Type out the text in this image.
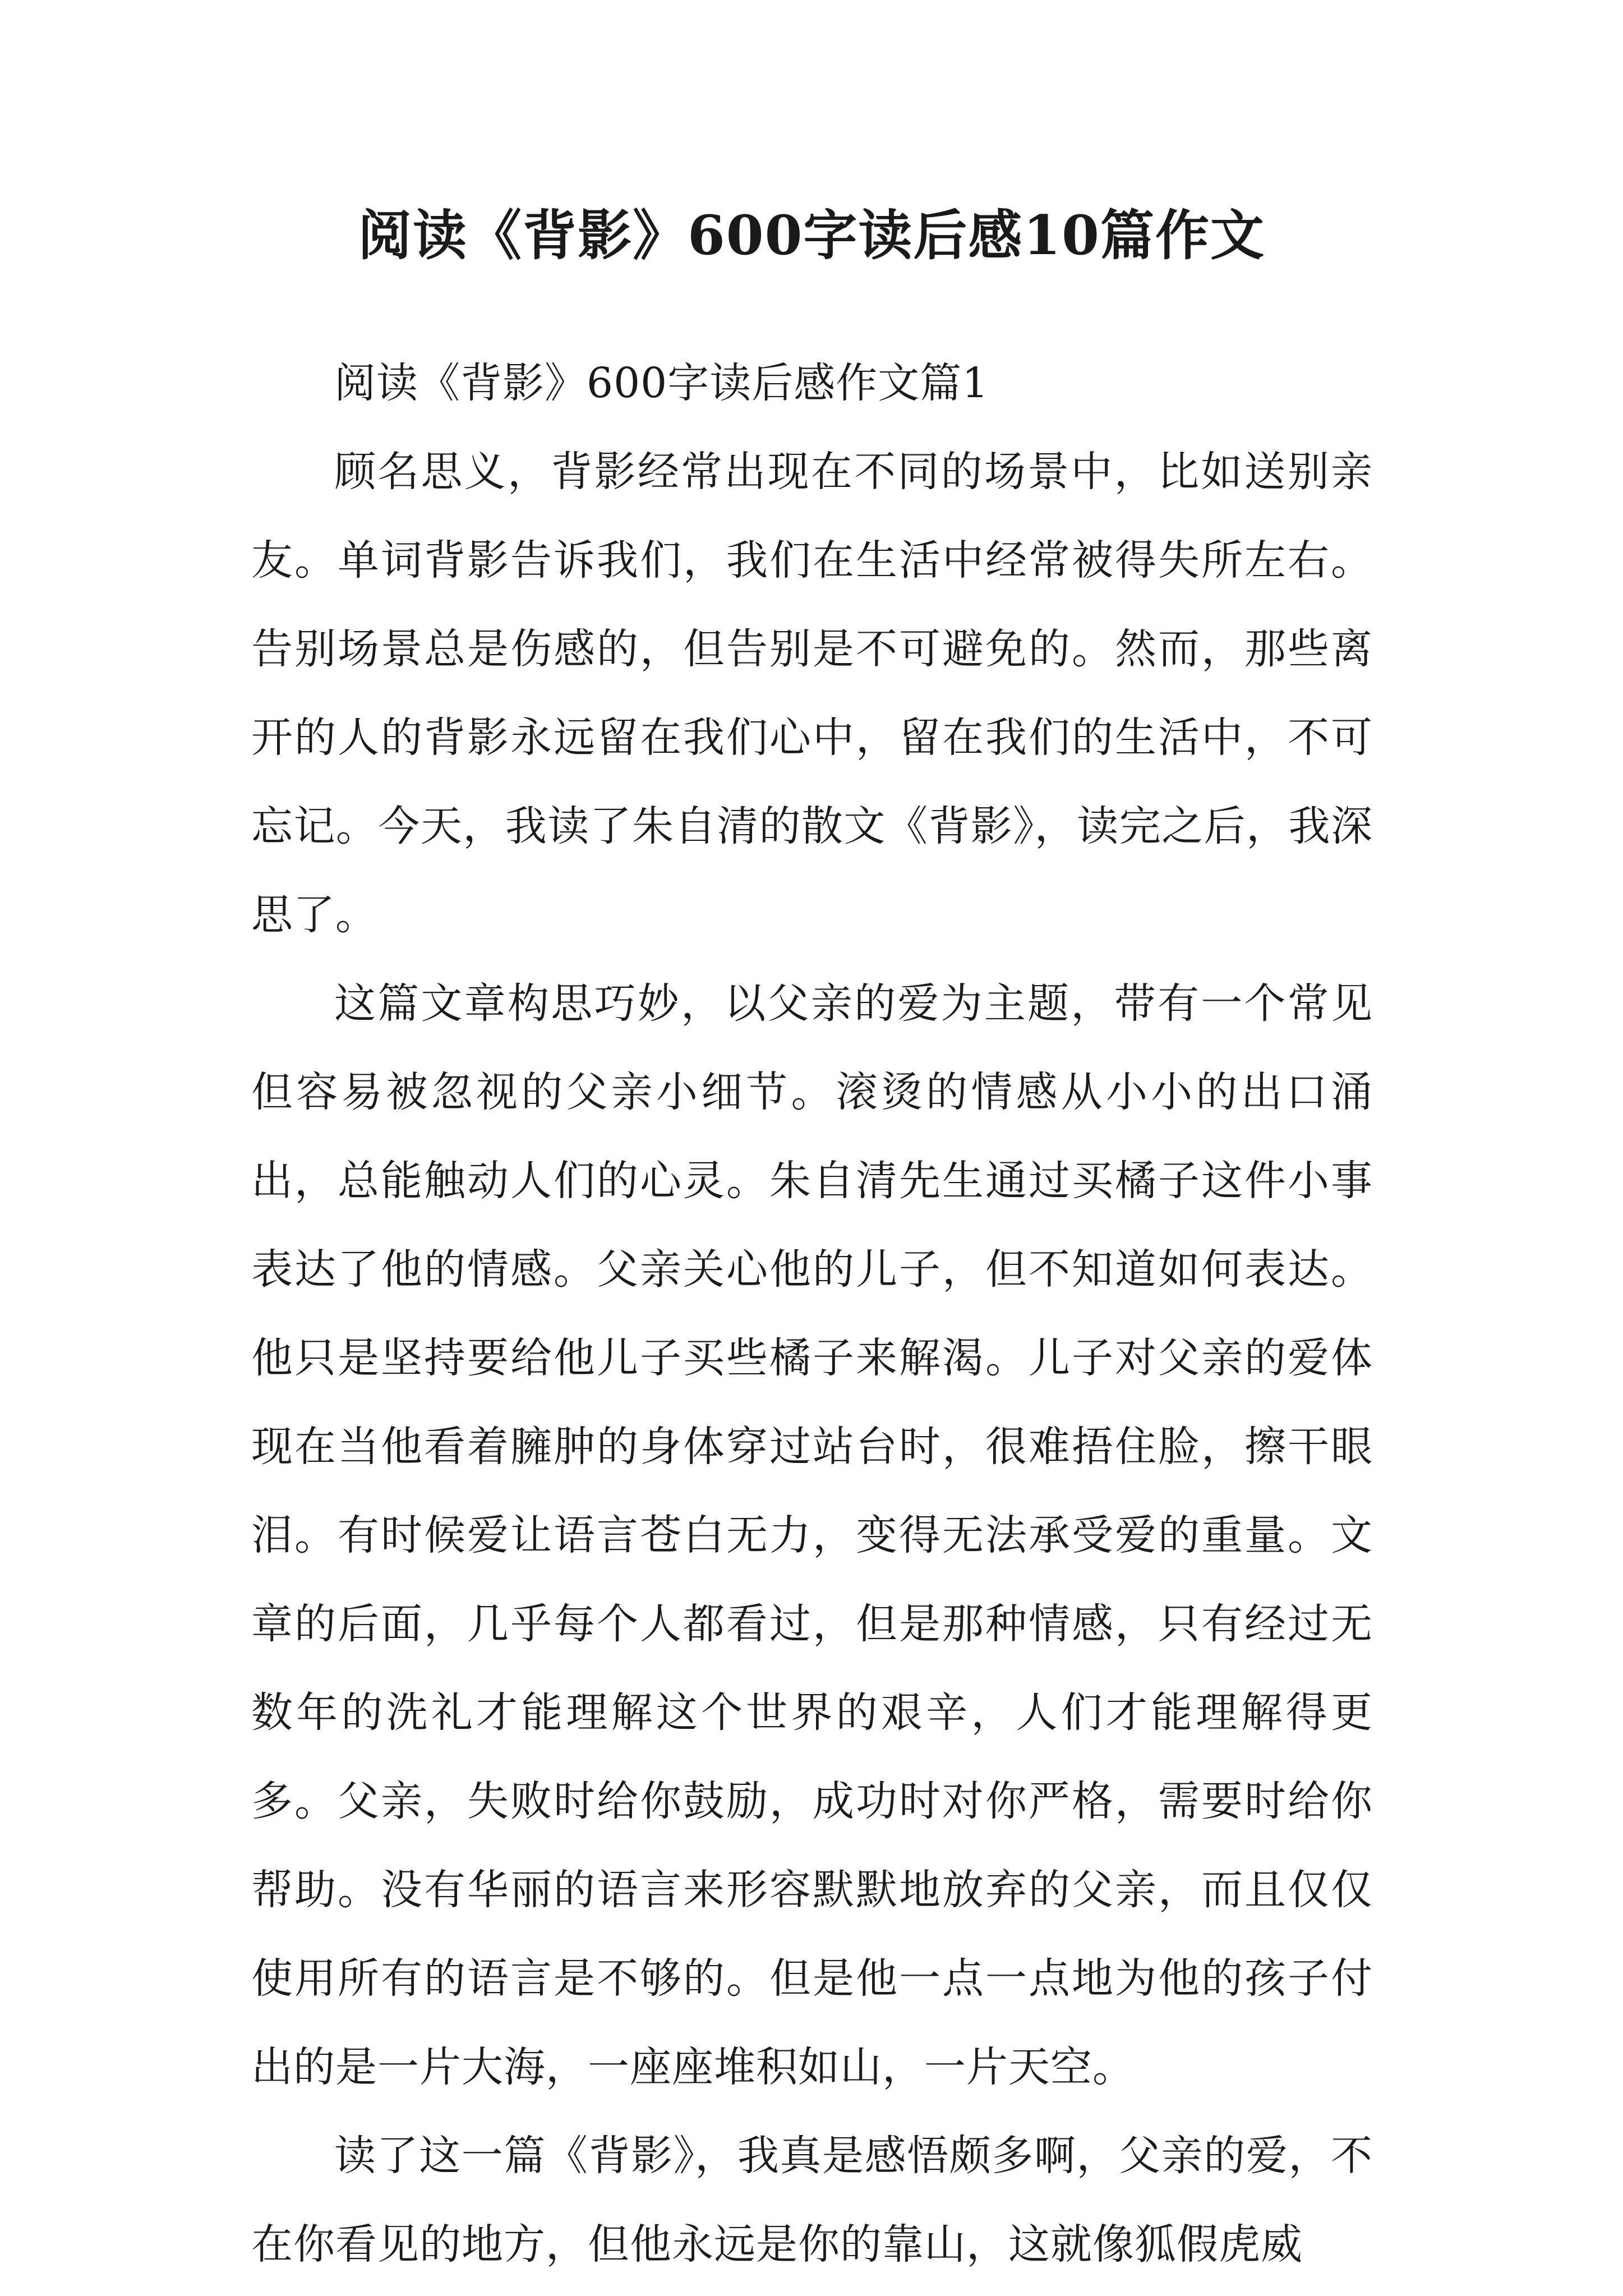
阅读《背影》600字读后感10篇作文

阅读《背影》600字读后感作文篇1

顾名思义，背影经常出现在不同的场景中，比如送别亲友。单词背影告诉我们，我们在生活中经常被得失所左右。告别场景总是伤感的，但告别是不可避免的。然而，那些离开的人的背影永远留在我们心中，留在我们的生活中，不可忘记。今天，我读了朱自清的散文《背影》，读完之后，我深思了。

这篇文章构思巧妙，以父亲的爱为主题，带有一个常见但容易被忽视的父亲小细节。滚烫的情感从小小的出口涌出，总能触动人们的心灵。朱自清先生通过买橘子这件小事表达了他的情感。父亲关心他的儿子，但不知道如何表达。他只是坚持要给他儿子买些橘子来解渴。儿子对父亲的爱体现在当他看着臃肿的身体穿过站台时，很难捂住脸，擦干眼泪。有时候爱让语言苍白无力，变得无法承受爱的重量。文章的后面，几乎每个人都看过，但是那种情感，只有经过无数年的洗礼才能理解这个世界的艰辛，人们才能理解得更多。父亲，失败时给你鼓励，成功时对你严格，需要时给你帮助。没有华丽的语言来形容默默地放弃的父亲，而且仅仅使用所有的语言是不够的。但是他一点一点地为他的孩子付出的是一片大海，一座座堆积如山，一片天空。

读了这一篇《背影》，我真是感悟颇多啊，父亲的爱，不在你看见的地方，但他永远是你的靠山，这就像狐假虎威
